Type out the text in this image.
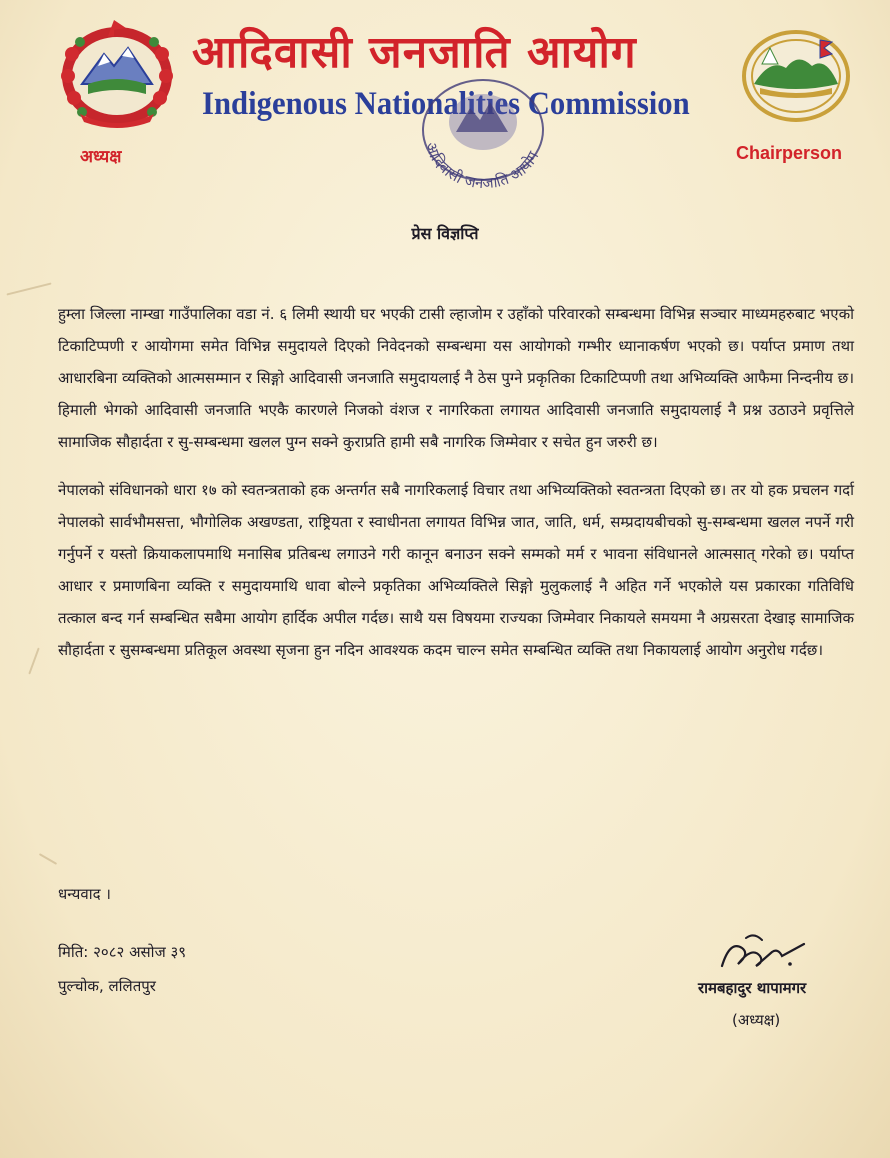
आदिवासी जनजाति आयोग
Indigenous Nationalities Commission
आदिवासी जनजाति आयोग
अध्यक्ष	Chairperson
प्रेस विज्ञप्ति

हुम्ला जिल्ला नाम्खा गाउँपालिका वडा नं. ६ लिमी स्थायी घर भएकी टासी ल्हाजोम र उहाँको परिवारको सम्बन्धमा विभिन्न सञ्चार माध्यमहरुबाट भएको टिकाटिप्पणी र आयोगमा समेत विभिन्न समुदायले दिएको निवेदनको सम्बन्धमा यस आयोगको गम्भीर ध्यानाकर्षण भएको छ। पर्याप्त प्रमाण तथा आधारबिना व्यक्तिको आत्मसम्मान र सिङ्गो आदिवासी जनजाति समुदायलाई नै ठेस पुग्ने प्रकृतिका टिकाटिप्पणी तथा अभिव्यक्ति आफैमा निन्दनीय छ। हिमाली भेगको आदिवासी जनजाति भएकै कारणले निजको वंशज र नागरिकता लगायत आदिवासी जनजाति समुदायलाई नै प्रश्न उठाउने प्रवृत्तिले सामाजिक सौहार्दता र सु-सम्बन्धमा खलल पुग्न सक्ने कुराप्रति हामी सबै नागरिक जिम्मेवार र सचेत हुन जरुरी छ।

नेपालको संविधानको धारा १७ को स्वतन्त्रताको हक अन्तर्गत सबै नागरिकलाई विचार तथा अभिव्यक्तिको स्वतन्त्रता दिएको छ। तर यो हक प्रचलन गर्दा नेपालको सार्वभौमसत्ता, भौगोलिक अखण्डता, राष्ट्रियता र स्वाधीनता लगायत विभिन्न जात, जाति, धर्म, सम्प्रदायबीचको सु-सम्बन्धमा खलल नपर्ने गरी गर्नुपर्ने र यस्तो क्रियाकलापमाथि मनासिब प्रतिबन्ध लगाउने गरी कानून बनाउन सक्ने सम्मको मर्म र भावना संविधानले आत्मसात् गरेको छ। पर्याप्त आधार र प्रमाणबिना व्यक्ति र समुदायमाथि धावा बोल्ने प्रकृतिका अभिव्यक्तिले सिङ्गो मुलुकलाई नै अहित गर्ने भएकोले यस प्रकारका गतिविधि तत्काल बन्द गर्न सम्बन्धित सबैमा आयोग हार्दिक अपील गर्दछ। साथै यस विषयमा राज्यका जिम्मेवार निकायले समयमा नै अग्रसरता देखाइ सामाजिक सौहार्दता र सुसम्बन्धमा प्रतिकूल अवस्था सृजना हुन नदिन आवश्यक कदम चाल्न समेत सम्बन्धित व्यक्ति तथा निकायलाई आयोग अनुरोध गर्दछ।

धन्यवाद ।
मिति: २०८२ असोज ३९
पुल्चोक, ललितपुर	रामबहादुर थापामगर
(अध्यक्ष)
